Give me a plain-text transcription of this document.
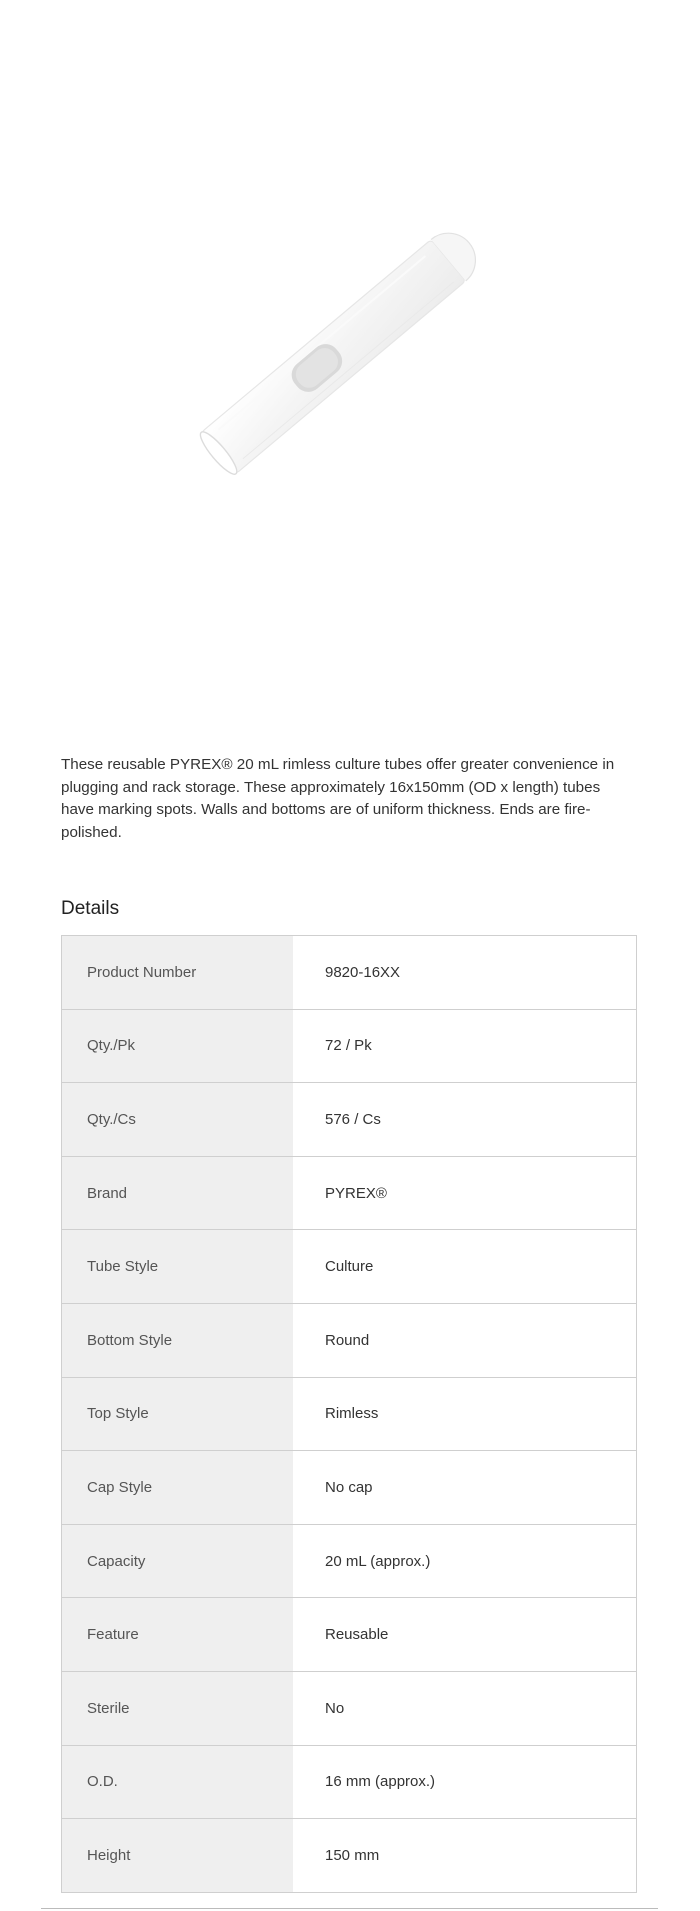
These reusable PYREX® 20 mL rimless culture tubes offer greater convenience in plugging and rack storage. These approximately 16x150mm (OD x length) tubes have marking spots. Walls and bottoms are of uniform thickness. Ends are fire-polished.

Details
Product Number	9820-16XX
Qty./Pk	72 / Pk
Qty./Cs	576 / Cs
Brand	PYREX®
Tube Style	Culture
Bottom Style	Round
Top Style	Rimless
Cap Style	No cap
Capacity	20 mL (approx.)
Feature	Reusable
Sterile	No
O.D.	16 mm (approx.)
Height	150 mm
